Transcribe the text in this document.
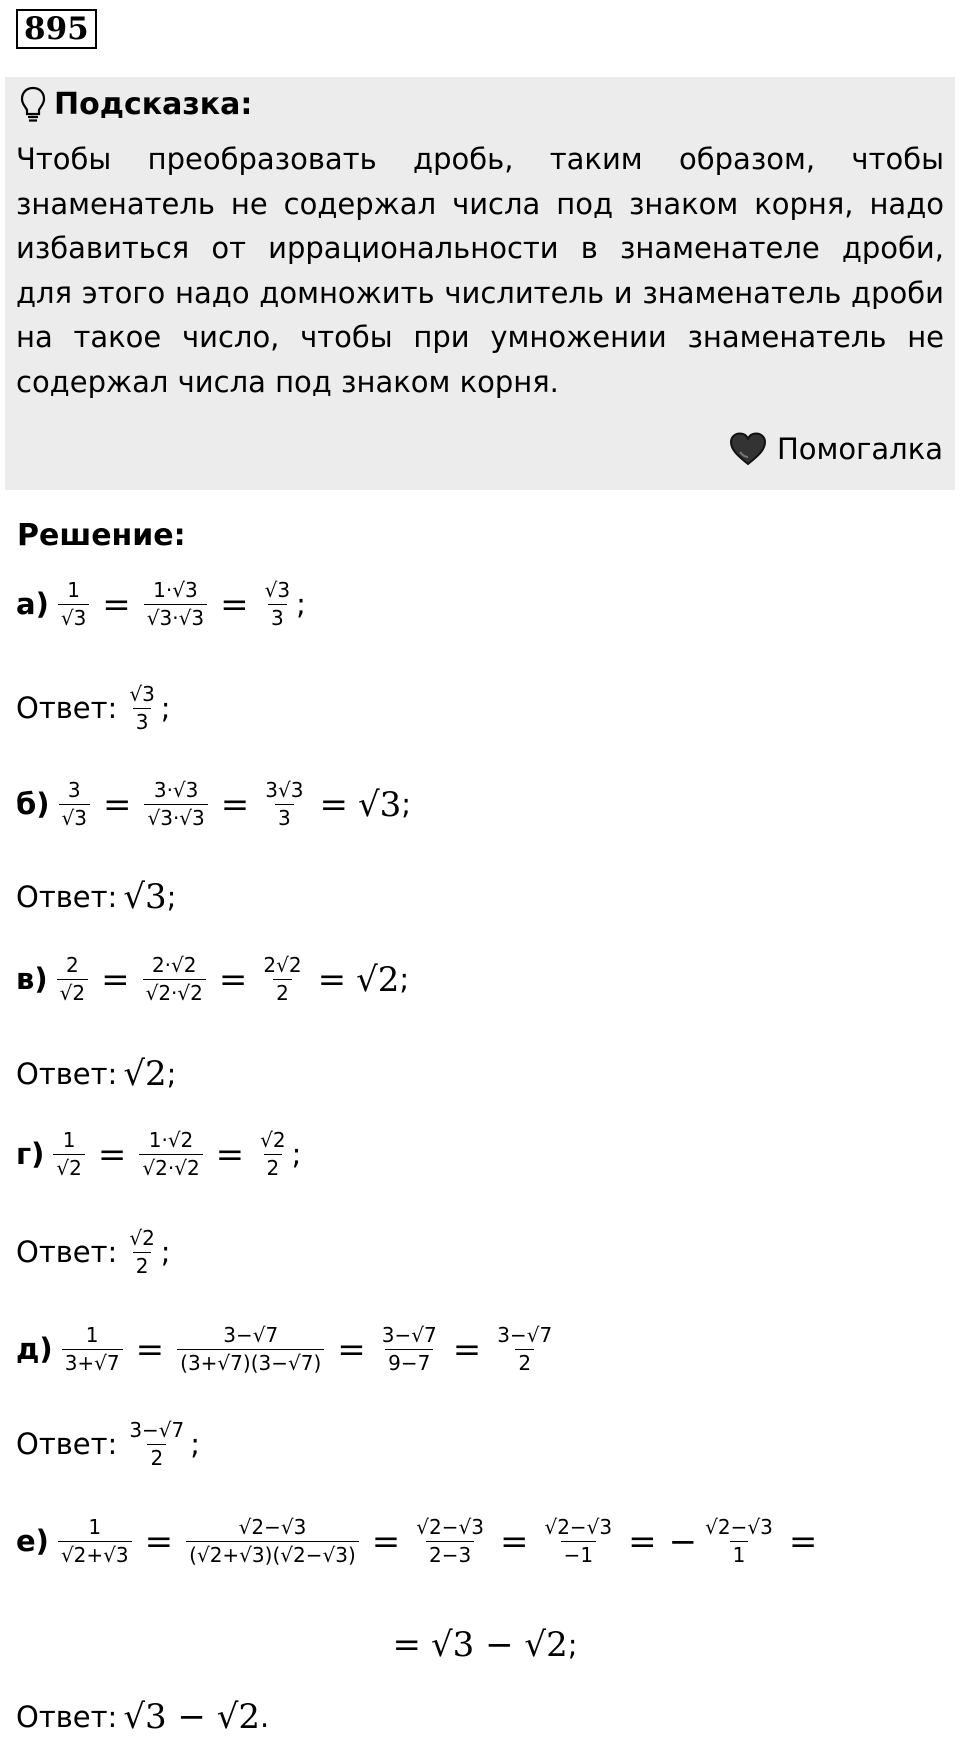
895
Подсказка:
Чтобы преобразовать дробь, таким образом, чтобы знаменатель не содержал числа под знаком корня, надо избавиться от иррациональности в знаменателе дроби, для этого надо домножить числитель и знаменатель дроби на такое число, чтобы при умножении знаменатель не содержал числа под знаком корня.
Помогалка
Решение:
$а) \frac{1}{√3} = \frac{1\cdot√3}{√3\cdot√3} = \frac{√3}{3}$ ;
Ответ: $\frac{√3}{3}$ ;
$б) \frac{3}{√3} = \frac{3\cdot√3}{√3\cdot√3} = \frac{3√3}{3} = √3$ ;
Ответ: √3 ;
$в) \frac{2}{√2} = \frac{2\cdot√2}{√2\cdot√2} = \frac{2√2}{2} = √2$ ;
Ответ: √2 ;
$г) \frac{1}{√2} = \frac{1\cdot√2}{√2\cdot√2} = \frac{√2}{2}$ ;
Ответ: $\frac{√2}{2}$ ;
$д) \frac{1}{3+√7} = \frac{3-√7}{(3+√7)(3-√7)} = \frac{3-√7}{9-7} = \frac{3-√7}{2}$
Ответ: $\frac{3-√7}{2}$ ;
$е) \frac{1}{√2+√3} = \frac{√2-√3}{(√2+√3)(√2-√3)} = \frac{√2-√3}{2-3} = \frac{√2-√3}{-1}$ = − $\frac{√2-√3}{1}$ =
= √3 − √2 ;
Ответ: √3 − √2 .
